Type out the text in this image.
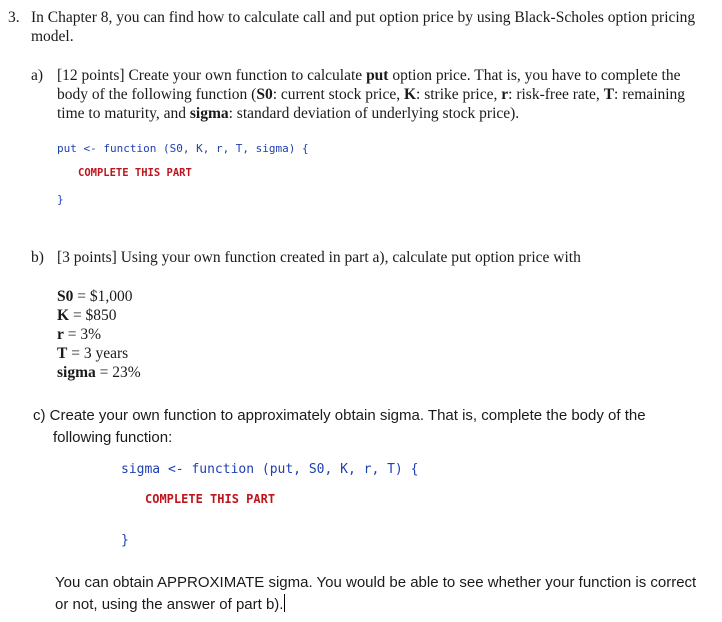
3. In Chapter 8, you can find how to calculate call and put option price by using Black-Scholes option pricing
model.
a) [12 points] Create your own function to calculate put option price. That is, you have to complete the
body of the following function (S0: current stock price, K: strike price, r: risk-free rate, T: remaining
time to maturity, and sigma: standard deviation of underlying stock price).
put <- function (S0, K, r, T, sigma) {
COMPLETE THIS PART
}
b) [3 points] Using your own function created in part a), calculate put option price with
S0 = $1,000
K = $850
r = 3%
T = 3 years
sigma = 23%
c) Create your own function to approximately obtain sigma. That is, complete the body of the
following function:
sigma <- function (put, S0, K, r, T) {
COMPLETE THIS PART
}
You can obtain APPROXIMATE sigma. You would be able to see whether your function is correct
or not, using the answer of part b).
